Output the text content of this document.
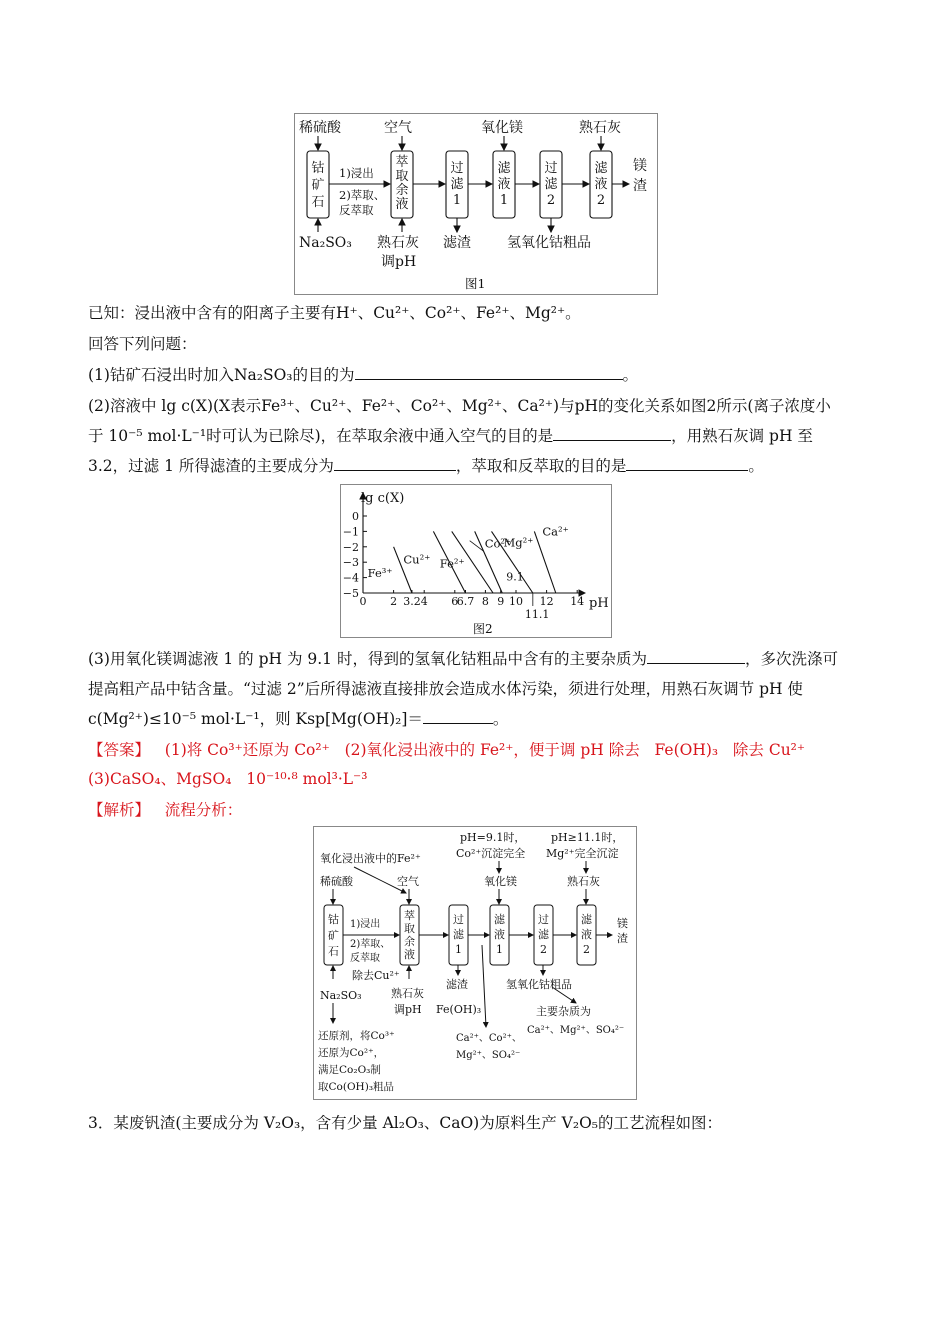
稀硫酸	空气	氧化镁	熟石灰
钴
矿
石
萃
取
余
液
过
滤
1
滤
液
1
过
滤
2
滤
液
2
1)浸出
2)萃取、
反萃取
镁
渣
Na₂SO₃ 熟石灰
调pH
滤渣	氢氧化钴粗品
图1
已知：浸出液中含有的阳离子主要有H⁺、Cu²⁺、Co²⁺、Fe²⁺、Mg²⁺。
回答下列问题：
(1)钴矿石浸出时加入Na₂SO₃的目的为	。
(2)溶液中 lg c(X)(X表示Fe³⁺、Cu²⁺、Fe²⁺、Co²⁺、Mg²⁺、Ca²⁺)与pH的变化关系如图2所示(离子浓度小
于 10⁻⁵ mol·L⁻¹时可认为已除尽)，在萃取余液中通入空气的目的是	，用熟石灰调 pH 至
3.2，过滤 1 所得滤渣的主要成分为	，萃取和反萃取的目的是	。
0
−1
−2
−3
−4
−5
0 2 3.2 4 6
6.7 8 9 10 12 14
9.1
11.1
Fe³⁺
Cu²⁺ Fe²⁺
Co²⁺
Mg²⁺
Ca²⁺
lg c(X)
pH
图2
(3)用氧化镁调滤液 1 的 pH 为 9.1 时，得到的氢氧化钴粗品中含有的主要杂质为	，多次洗涤可
提高粗产品中钴含量。“过滤 2”后所得滤液直接排放会造成水体污染，须进行处理，用熟石灰调节 pH 使
c(Mg²⁺)≤10⁻⁵ mol·L⁻¹，则 Ksp[Mg(OH)₂]＝	。
【答案】 (1)将 Co³⁺还原为 Co²⁺ (2)氧化浸出液中的 Fe²⁺，便于调 pH 除去 Fe(OH)₃ 除去 Cu²⁺
(3)CaSO₄、MgSO₄ 10⁻¹⁰·⁸ mol³·L⁻³
【解析】 流程分析：
pH=9.1时，
Co²⁺沉淀完全
pH≥11.1时，
Mg²⁺完全沉淀
氧化浸出液中的Fe²⁺
稀硫酸	空气	氧化镁	熟石灰
钴
矿
石
萃
取
余
液
过
滤
1
滤
液
1
过
滤
2
滤
液
2
1)浸出
2)萃取、
反萃取
除去Cu²⁺
镁
渣
Na₂SO₃	熟石灰
调pH
滤渣
Fe(OH)₃
氢氧化钴粗品
主要杂质为
Ca²⁺、Mg²⁺、SO₄²⁻
Ca²⁺、Co²⁺、
Mg²⁺、SO₄²⁻
还原剂，将Co³⁺
还原为Co²⁺，
满足Co₂O₃制
取Co(OH)₃粗品
3．某废钒渣(主要成分为 V₂O₃，含有少量 Al₂O₃、CaO)为原料生产 V₂O₅的工艺流程如图：
